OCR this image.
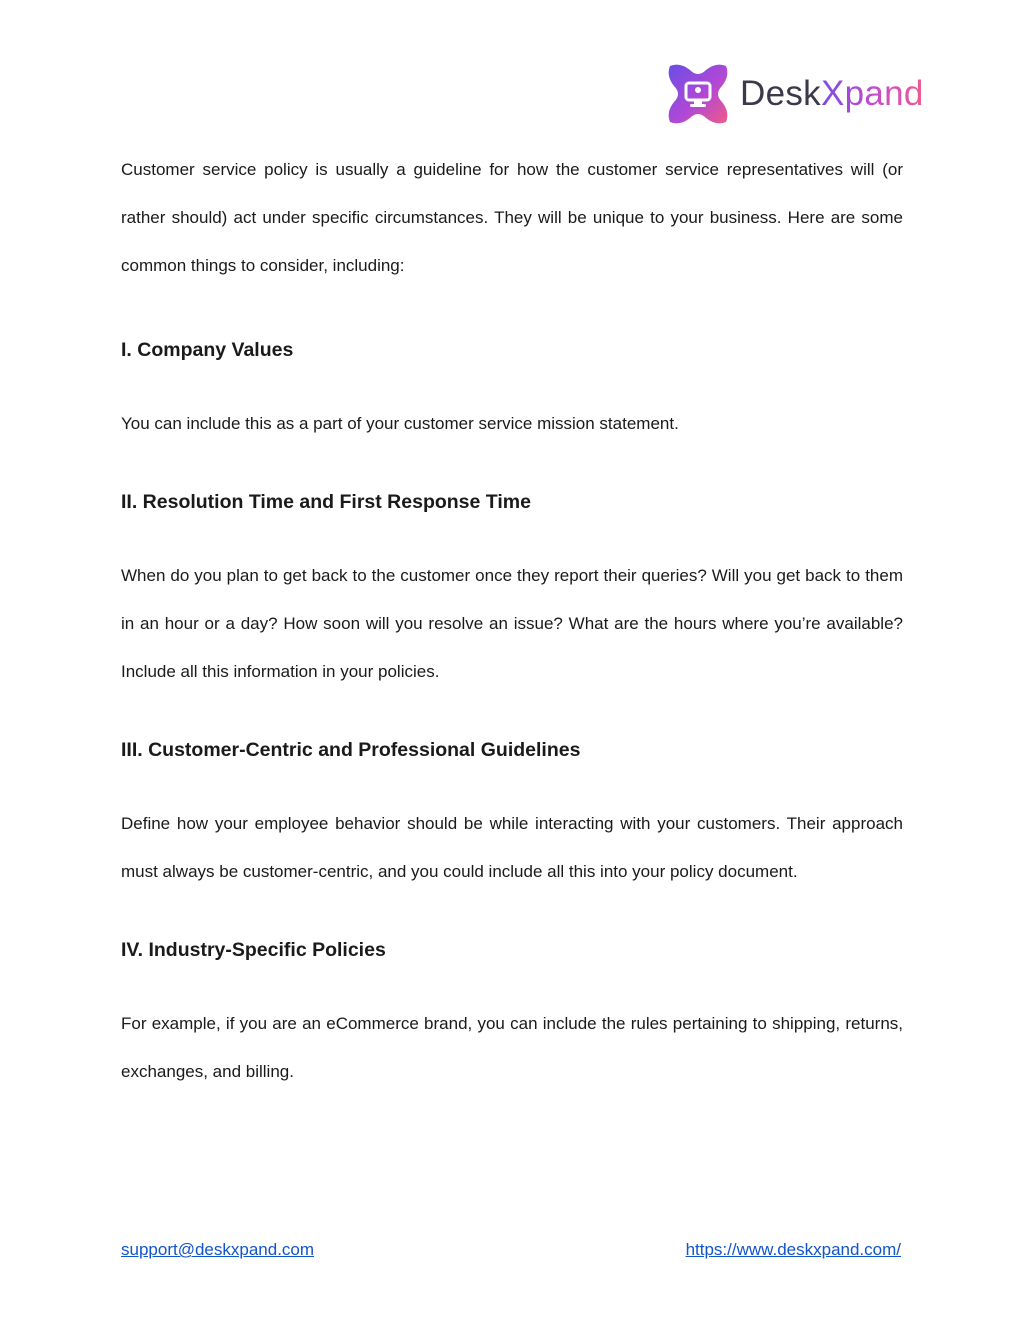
DeskXpand

Customer service policy is usually a guideline for how the customer service representatives will (or rather should) act under specific circumstances. They will be unique to your business. Here are some common things to consider, including:

I. Company Values

You can include this as a part of your customer service mission statement.

II. Resolution Time and First Response Time

When do you plan to get back to the customer once they report their queries? Will you get back to them in an hour or a day? How soon will you resolve an issue? What are the hours where you’re available? Include all this information in your policies.

III. Customer-Centric and Professional Guidelines

Define how your employee behavior should be while interacting with your customers. Their approach must always be customer-centric, and you could include all this into your policy document.

IV. Industry-Specific Policies

For example, if you are an eCommerce brand, you can include the rules pertaining to shipping, returns, exchanges, and billing.

support@deskxpand.com	https://www.deskxpand.com/
